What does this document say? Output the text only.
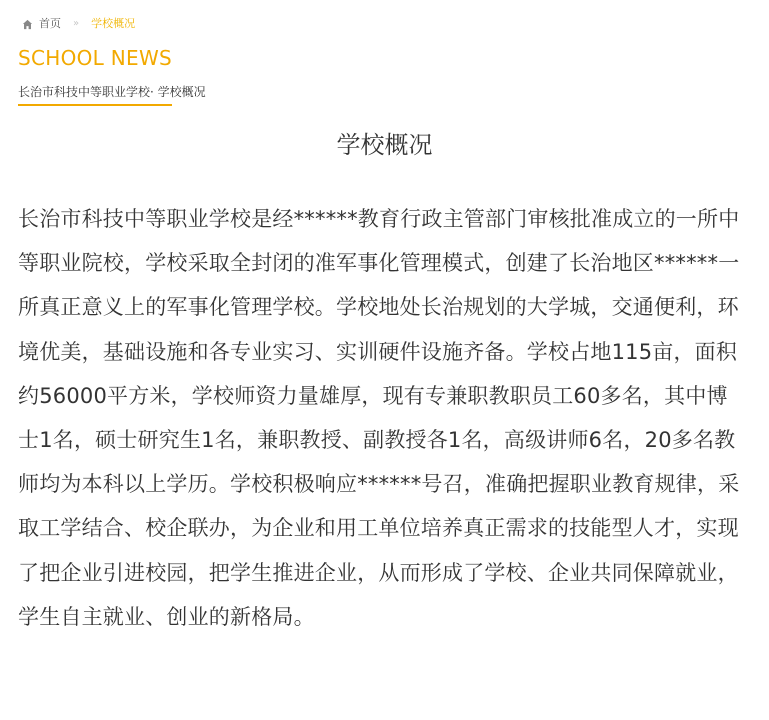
首页 » 学校概况
SCHOOL NEWS
长治市科技中等职业学校· 学校概况
学校概况

长治市科技中等职业学校是经******教育行政主管部门审核批准成立的一所中等职业院校，学校采取全封闭的准军事化管理模式，创建了长治地区******一所真正意义上的军事化管理学校。学校地处长治规划的大学城，交通便利，环境优美，基础设施和各专业实习、实训硬件设施齐备。学校占地115亩，面积约56000平方米，学校师资力量雄厚，现有专兼职教职员工60多名，其中博士1名，硕士研究生1名，兼职教授、副教授各1名，高级讲师6名，20多名教师均为本科以上学历。学校积极响应******号召，准确把握职业教育规律，采取工学结合、校企联办，为企业和用工单位培养真正需求的技能型人才，实现了把企业引进校园，把学生推进企业，从而形成了学校、企业共同保障就业，学生自主就业、创业的新格局。
